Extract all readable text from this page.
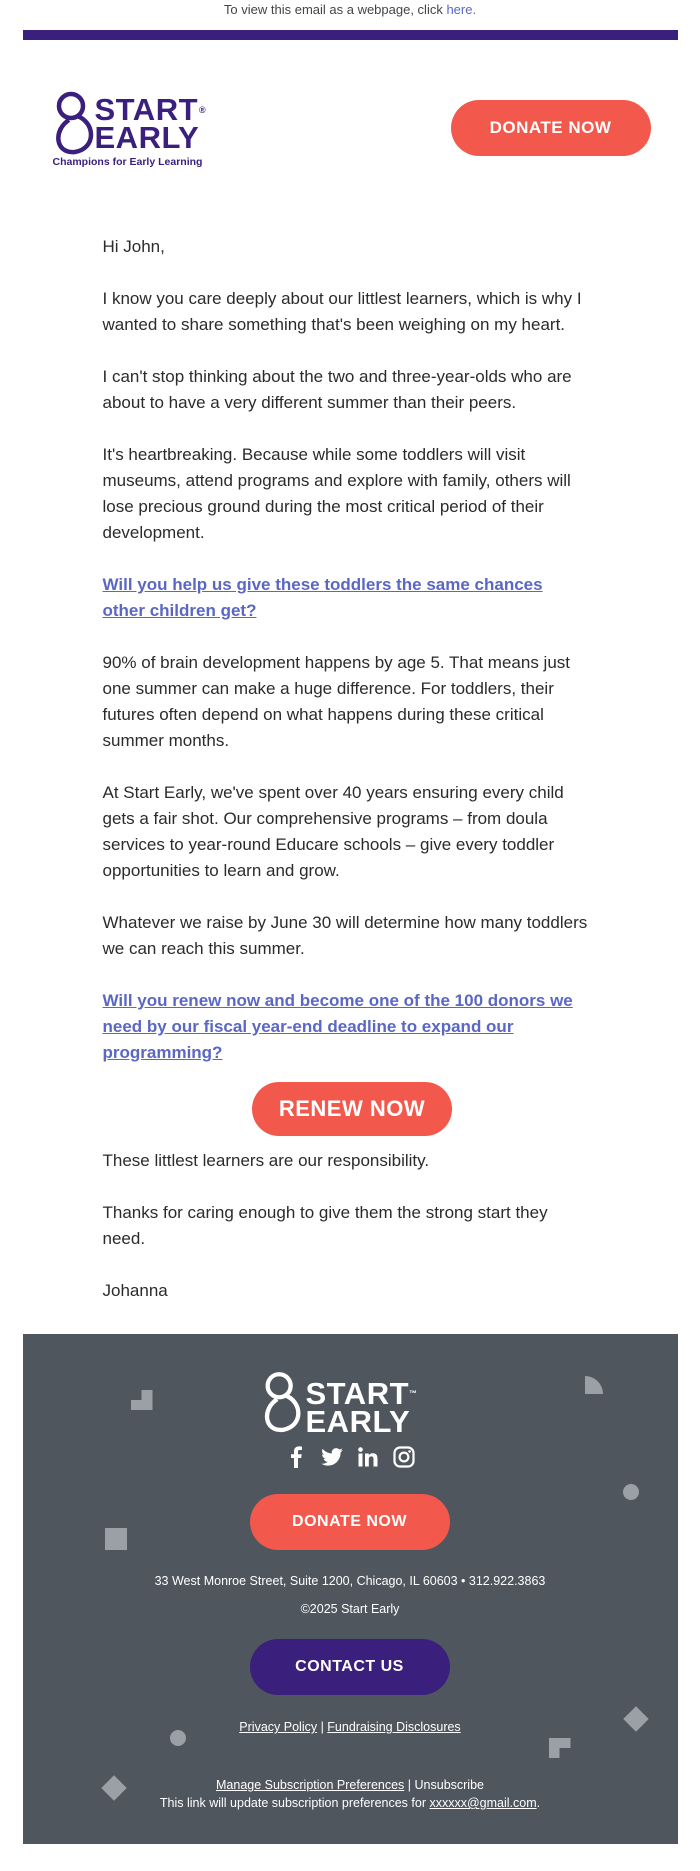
To view this email as a webpage, click here.
START®
EARLY
Champions for Early Learning
DONATE NOW

Hi John,

I know you care deeply about our littlest learners, which is why I wanted to share something that's been weighing on my heart.

I can't stop thinking about the two and three-year-olds who are about to have a very different summer than their peers.

It's heartbreaking. Because while some toddlers will visit museums, attend programs and explore with family, others will lose precious ground during the most critical period of their development.

Will you help us give these toddlers the same chances other children get?

90% of brain development happens by age 5. That means just one summer can make a huge difference. For toddlers, their futures often depend on what happens during these critical summer months.

At Start Early, we've spent over 40 years ensuring every child gets a fair shot. Our comprehensive programs – from doula services to year-round Educare schools – give every toddler opportunities to learn and grow.

Whatever we raise by June 30 will determine how many toddlers we can reach this summer.

Will you renew now and become one of the 100 donors we need by our fiscal year-end deadline to expand our programming?

RENEW NOW

These littlest learners are our responsibility.

Thanks for caring enough to give them the strong start they need.

Johanna

START™
EARLY
DONATE NOW
33 West Monroe Street, Suite 1200, Chicago, IL 60603 • 312.922.3863
©2025 Start Early
CONTACT US
Privacy Policy | Fundraising Disclosures
Manage Subscription Preferences | Unsubscribe
This link will update subscription preferences for xxxxxx@gmail.com.
